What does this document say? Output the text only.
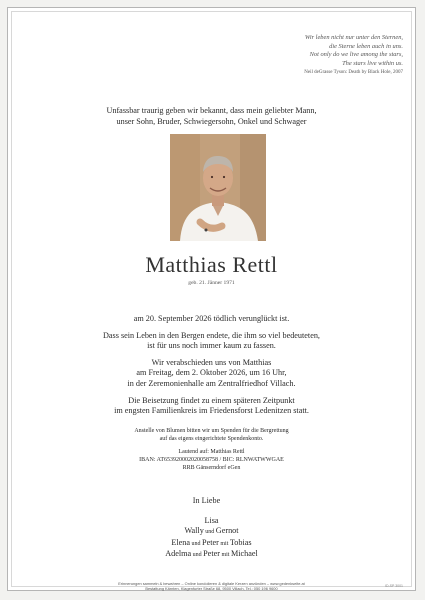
Wir leben nicht nur unter den Sternen,
die Sterne leben auch in uns.
Not only do we live among the stars,
The stars live within us.
Neil deGrasse Tyson: Death by Black Hole, 2007
Unfassbar traurig geben wir bekannt, dass mein geliebter Mann,
unser Sohn, Bruder, Schwiegersohn, Onkel und Schwager
Matthias Rettl
geb. 21. Jänner 1971

am 20. September 2026 tödlich verunglückt ist.

Dass sein Leben in den Bergen endete, die ihm so viel bedeuteten,
ist für uns noch immer kaum zu fassen.

Wir verabschieden uns von Matthias
am Freitag, dem 2. Oktober 2026, um 16 Uhr,
in der Zeremonienhalle am Zentralfriedhof Villach.

Die Beisetzung findet zu einem späteren Zeitpunkt
im engsten Familienkreis im Friedensforst Ledenitzen statt.

Anstelle von Blumen bitten wir um Spenden für die Bergrettung
auf das eigens eingerichtete Spendenkonto.

Lautend auf: Matthias Rettl
IBAN: AT653920002020058758 / BIC: RLNWATWWGAE
RRB Gänserndorf eGen

In Liebe
Lisa
Wally und Gernot
Elena und Peter mit Tobias
Adelma und Peter mit Michael
Erinnerungen sammeln & bewahren – Online kondolieren & digitale Kerzen anzünden – www.gedenkseite.at
Bestattung Kärnten, Klagenfurter Straße 68, 9500 Villach, Tel.: 050 196 9600	ID-SP 3001
